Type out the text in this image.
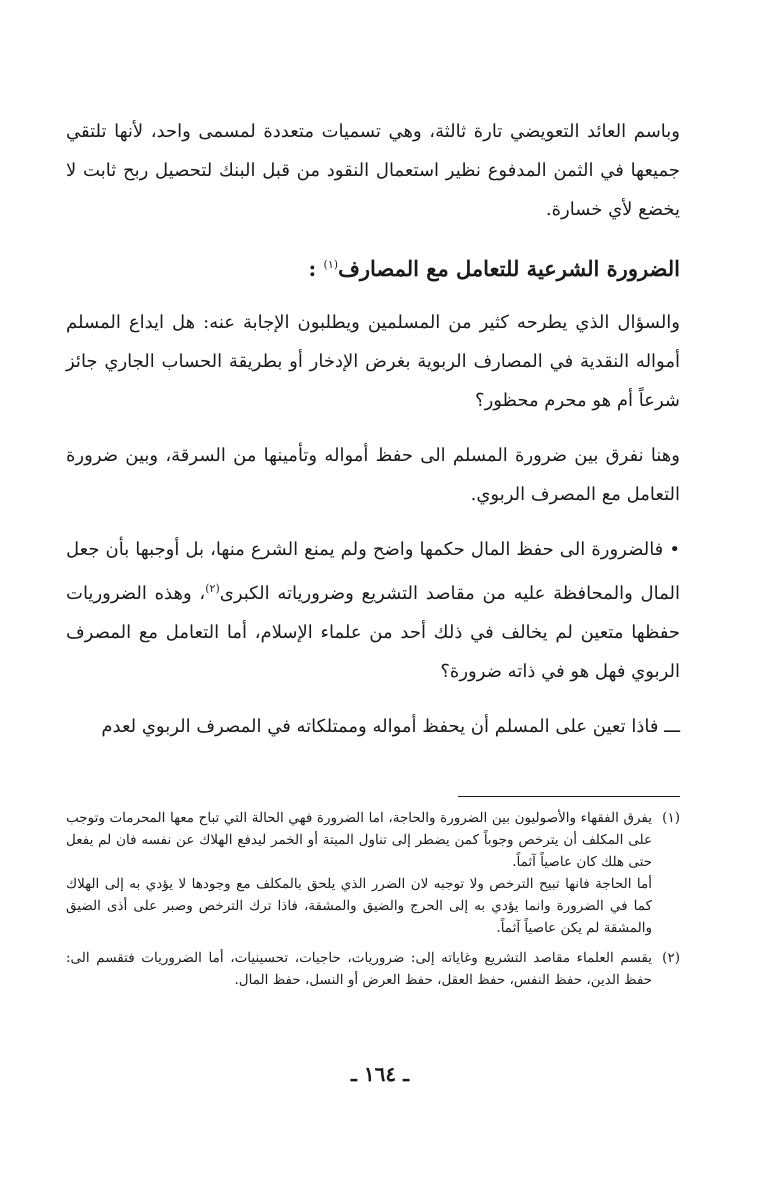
وباسم العائد التعويضي تارة ثالثة، وهي تسميات متعددة لمسمى واحد، لأنها تلتقي جميعها في الثمن المدفوع نظير استعمال النقود من قبل البنك لتحصيل ربح ثابت لا يخضع لأي خسارة.

الضرورة الشرعية للتعامل مع المصارف$^{(١)}$ :

والسؤال الذي يطرحه كثير من المسلمين ويطلبون الإجابة عنه: هل ايداع المسلم أمواله النقدية في المصارف الربوية بغرض الإدخار أو بطريقة الحساب الجاري جائز شرعاً أم هو محرم محظور؟

وهنا نفرق بين ضرورة المسلم الى حفظ أمواله وتأمينها من السرقة، وبين ضرورة التعامل مع المصرف الربوي.

• فالضرورة الى حفظ المال حكمها واضح ولم يمنع الشرع منها، بل أوجبها بأن جعل المال والمحافظة عليه من مقاصد التشريع وضرورياته الكبرى$^{(٢)}$، وهذه الضروريات حفظها متعين لم يخالف في ذلك أحد من علماء الإسلام، أما التعامل مع المصرف الربوي فهل هو في ذاته ضرورة؟

ـــ فاذا تعين على المسلم أن يحفظ أمواله وممتلكاته في المصرف الربوي لعدم

(١)
يفرق الفقهاء والأصوليون بين الضرورة والحاجة، اما الضرورة فهي الحالة التي تباح معها المحرمات وتوجب على المكلف أن يترخص وجوباً كمن يضطر إلى تناول الميتة أو الخمر ليدفع الهلاك عن نفسه فان لم يفعل حتى هلك كان عاصياً آثماً.
أما الحاجة فانها تبيح الترخص ولا توجبه لان الضرر الذي يلحق بالمكلف مع وجودها لا يؤدي به إلى الهلاك كما في الضرورة وانما يؤدي به إلى الحرج والضيق والمشقة، فاذا ترك الترخص وصبر على أذى الضيق والمشقة لم يكن عاصياً آثماً.
(٢)
يقسم العلماء مقاصد التشريع وغاياته إلى: ضروريات، حاجيات، تحسينيات، أما الضروريات فتقسم الى: حفظ الدين، حفظ النفس، حفظ العقل، حفظ العرض أو النسل، حفظ المال.
ـ ١٦٤ ـ
